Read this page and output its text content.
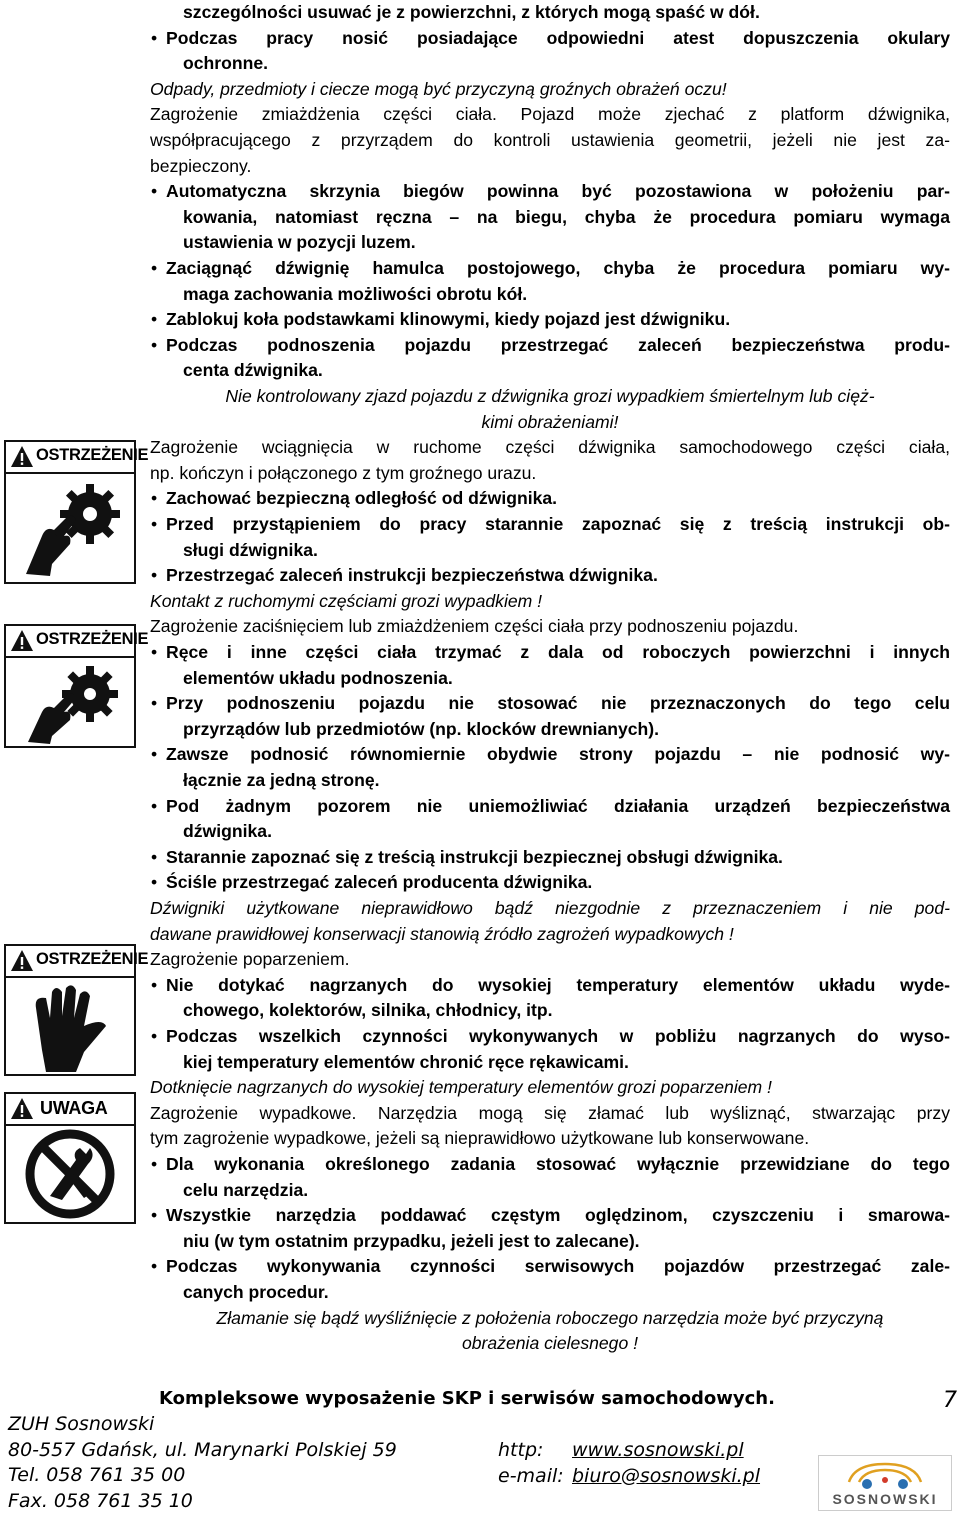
OSTRZEŻENIE
OSTRZEŻENIE
OSTRZEŻENIE
UWAGA
szczególności usuwać je z powierzchni, z których mogą spaść w dół.
• Podczas pracy nosić posiadające odpowiedni atest dopuszczenia okulary
ochronne.
Odpady, przedmioty i ciecze mogą być przyczyną groźnych obrażeń oczu!
Zagrożenie zmiażdżenia części ciała. Pojazd może zjechać z platform dźwignika,
współpracującego z przyrządem do kontroli ustawienia geometrii, jeżeli nie jest za-
bezpieczony.
• Automatyczna skrzynia biegów powinna być pozostawiona w położeniu par-
kowania, natomiast ręczna – na biegu, chyba że procedura pomiaru wymaga
ustawienia w pozycji luzem.
• Zaciągnąć dźwignię hamulca postojowego, chyba że procedura pomiaru wy-
maga zachowania możliwości obrotu kół.
• Zablokuj koła podstawkami klinowymi, kiedy pojazd jest dźwigniku.
• Podczas podnoszenia pojazdu przestrzegać zaleceń bezpieczeństwa produ-
centa dźwignika.
Nie kontrolowany zjazd pojazdu z dźwignika grozi wypadkiem śmiertelnym lub cięż-
kimi obrażeniami!
Zagrożenie wciągnięcia w ruchome części dźwignika samochodowego części ciała,
np. kończyn i połączonego z tym groźnego urazu.
• Zachować bezpieczną odległość od dźwignika.
• Przed przystąpieniem do pracy starannie zapoznać się z treścią instrukcji ob-
sługi dźwignika.
• Przestrzegać zaleceń instrukcji bezpieczeństwa dźwignika.
Kontakt z ruchomymi częściami grozi wypadkiem !
Zagrożenie zaciśnięciem lub zmiażdżeniem części ciała przy podnoszeniu pojazdu.
• Ręce i inne części ciała trzymać z dala od roboczych powierzchni i innych
elementów układu podnoszenia.
• Przy podnoszeniu pojazdu nie stosować nie przeznaczonych do tego celu
przyrządów lub przedmiotów (np. klocków drewnianych).
• Zawsze podnosić równomiernie obydwie strony pojazdu – nie podnosić wy-
łącznie za jedną stronę.
• Pod żadnym pozorem nie uniemożliwiać działania urządzeń bezpieczeństwa
dźwignika.
• Starannie zapoznać się z treścią instrukcji bezpiecznej obsługi dźwignika.
• Ściśle przestrzegać zaleceń producenta dźwignika.
Dźwigniki użytkowane nieprawidłowo bądź niezgodnie z przeznaczeniem i nie pod-
dawane prawidłowej konserwacji stanowią źródło zagrożeń wypadkowych !
Zagrożenie poparzeniem.
• Nie dotykać nagrzanych do wysokiej temperatury elementów układu wyde-
chowego, kolektorów, silnika, chłodnicy, itp.
• Podczas wszelkich czynności wykonywanych w pobliżu nagrzanych do wyso-
kiej temperatury elementów chronić ręce rękawicami.
Dotknięcie nagrzanych do wysokiej temperatury elementów grozi poparzeniem !
Zagrożenie wypadkowe. Narzędzia mogą się złamać lub wyśliznąć, stwarzając przy
tym zagrożenie wypadkowe, jeżeli są nieprawidłowo użytkowane lub konserwowane.
• Dla wykonania określonego zadania stosować wyłącznie przewidziane do tego
celu narzędzia.
• Wszystkie narzędzia poddawać częstym oględzinom, czyszczeniu i smarowa-
niu (w tym ostatnim przypadku, jeżeli jest to zalecane).
• Podczas wykonywania czynności serwisowych pojazdów przestrzegać zale-
canych procedur.
Złamanie się bądź wyśliźnięcie z położenia roboczego narzędzia może być przyczyną
obrażenia cielesnego !
Kompleksowe wyposażenie SKP i serwisów samochodowych.	7
ZUH Sosnowski
80-557 Gdańsk, ul. Marynarki Polskiej 59
Tel. 058 761 35 00
Fax. 058 761 35 10
http: www.sosnowski.pl
e-mail: biuro@sosnowski.pl
SOSNOWSKI
